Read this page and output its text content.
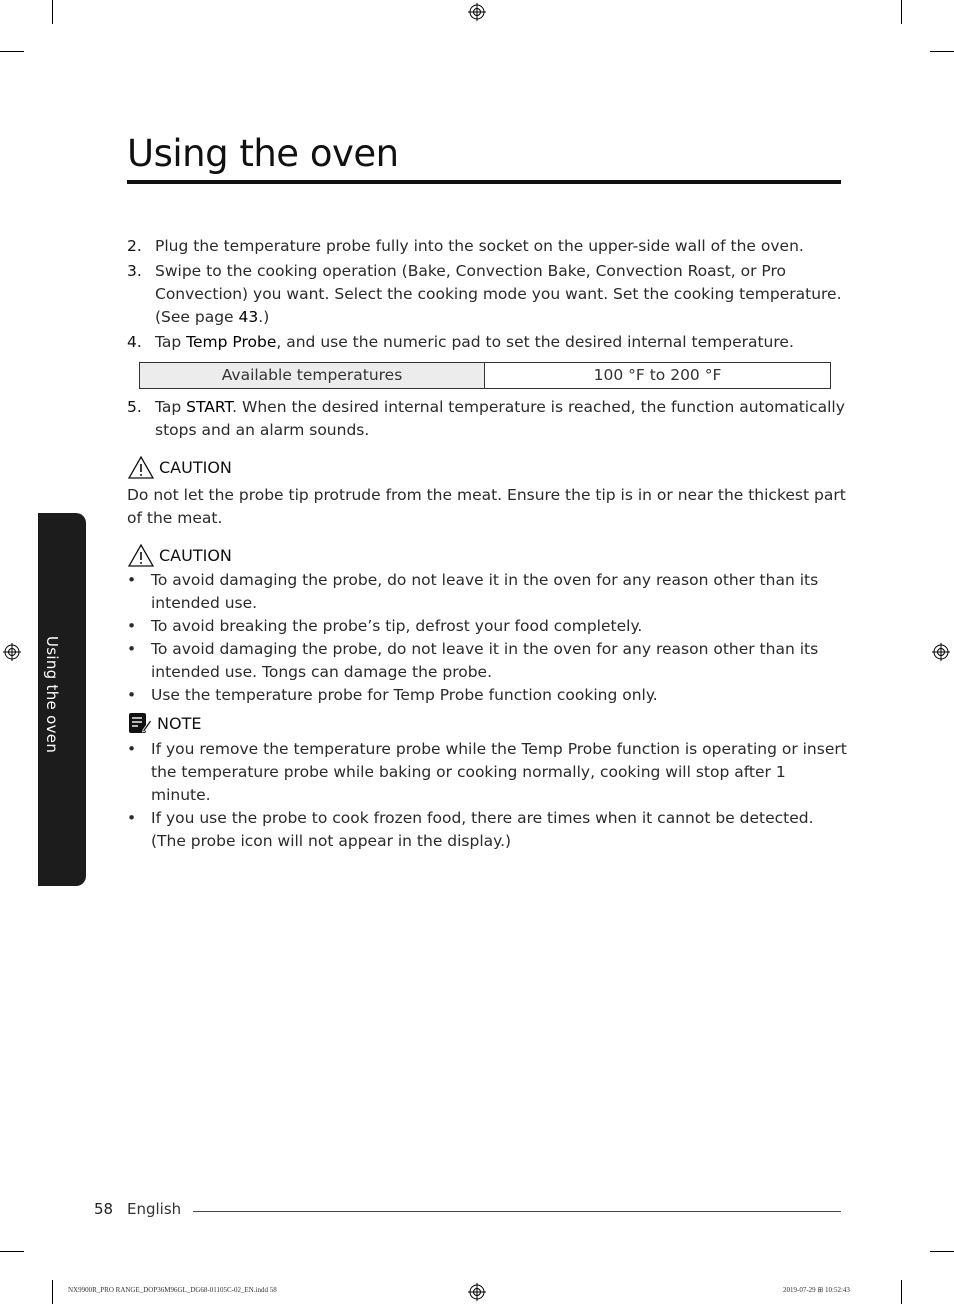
Using the oven
Using the oven
2. Plug the temperature probe fully into the socket on the upper-side wall of the oven.
3. Swipe to the cooking operation (Bake, Convection Bake, Convection Roast, or Pro Convection) you want. Select the cooking mode you want. Set the cooking temperature. (See page 43.)
4. Tap Temp Probe, and use the numeric pad to set the desired internal temperature.
Available temperatures	100 °F to 200 °F
5. Tap START. When the desired internal temperature is reached, the function automatically stops and an alarm sounds.
CAUTION
Do not let the probe tip protrude from the meat. Ensure the tip is in or near the thickest part of the meat.
CAUTION
• To avoid damaging the probe, do not leave it in the oven for any reason other than its intended use.
• To avoid breaking the probe’s tip, defrost your food completely.
• To avoid damaging the probe, do not leave it in the oven for any reason other than its intended use. Tongs can damage the probe.
• Use the temperature probe for Temp Probe function cooking only.
NOTE
• If you remove the temperature probe while the Temp Probe function is operating or insert the temperature probe while baking or cooking normally, cooking will stop after 1 minute.
• If you use the probe to cook frozen food, there are times when it cannot be detected. (The probe icon will not appear in the display.)
58 English
NX9900R_PRO RANGE_DOP36M96GL_DG68-01105C-02_EN.indd 58	2019-07-29 ⊞ 10:52:43
